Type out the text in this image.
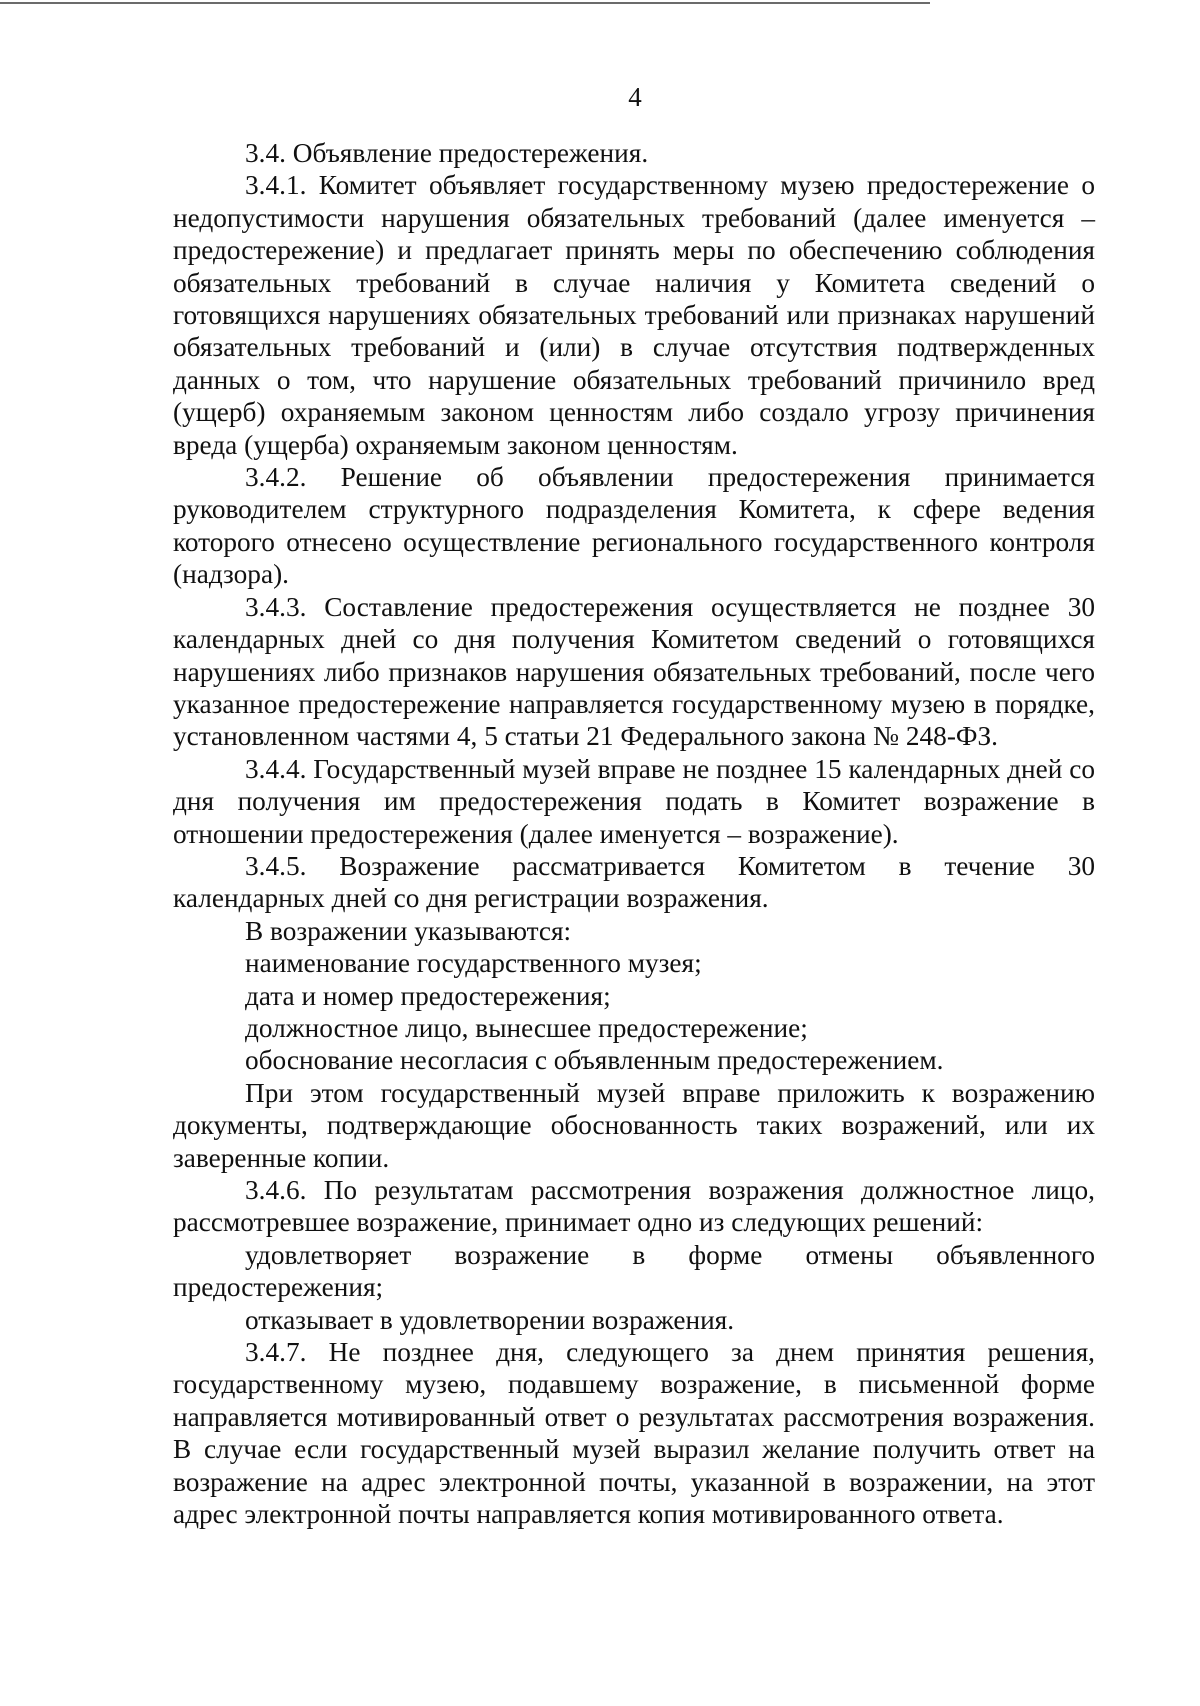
4

3.4. Объявление предостережения.

3.4.1. Комитет объявляет государственному музею предостережение о недопустимости нарушения обязательных требований (далее именуется – предостережение) и предлагает принять меры по обеспечению соблюдения обязательных требований в случае наличия у Комитета сведений о готовящихся нарушениях обязательных требований или признаках нарушений обязательных требований и (или) в случае отсутствия подтвержденных данных о том, что нарушение обязательных требований причинило вред (ущерб) охраняемым законом ценностям либо создало угрозу причинения вреда (ущерба) охраняемым законом ценностям.

3.4.2. Решение об объявлении предостережения принимается руководителем структурного подразделения Комитета, к сфере ведения которого отнесено осуществление регионального государственного контроля (надзора).

3.4.3. Составление предостережения осуществляется не позднее 30 календарных дней со дня получения Комитетом сведений о готовящихся нарушениях либо признаков нарушения обязательных требований, после чего указанное предостережение направляется государственному музею в порядке, установленном частями 4, 5 статьи 21 Федерального закона № 248-ФЗ.

3.4.4. Государственный музей вправе не позднее 15 календарных дней со дня получения им предостережения подать в Комитет возражение в отношении предостережения (далее именуется – возражение).

3.4.5. Возражение рассматривается Комитетом в течение 30 календарных дней со дня регистрации возражения.

В возражении указываются:

наименование государственного музея;

дата и номер предостережения;

должностное лицо, вынесшее предостережение;

обоснование несогласия с объявленным предостережением.

При этом государственный музей вправе приложить к возражению документы, подтверждающие обоснованность таких возражений, или их заверенные копии.

3.4.6. По результатам рассмотрения возражения должностное лицо, рассмотревшее возражение, принимает одно из следующих решений:

удовлетворяет возражение в форме отмены объявленного предостережения;

отказывает в удовлетворении возражения.

3.4.7. Не позднее дня, следующего за днем принятия решения, государственному музею, подавшему возражение, в письменной форме направляется мотивированный ответ о результатах рассмотрения возражения. В случае если государственный музей выразил желание получить ответ на возражение на адрес электронной почты, указанной в возражении, на этот адрес электронной почты направляется копия мотивированного ответа.
